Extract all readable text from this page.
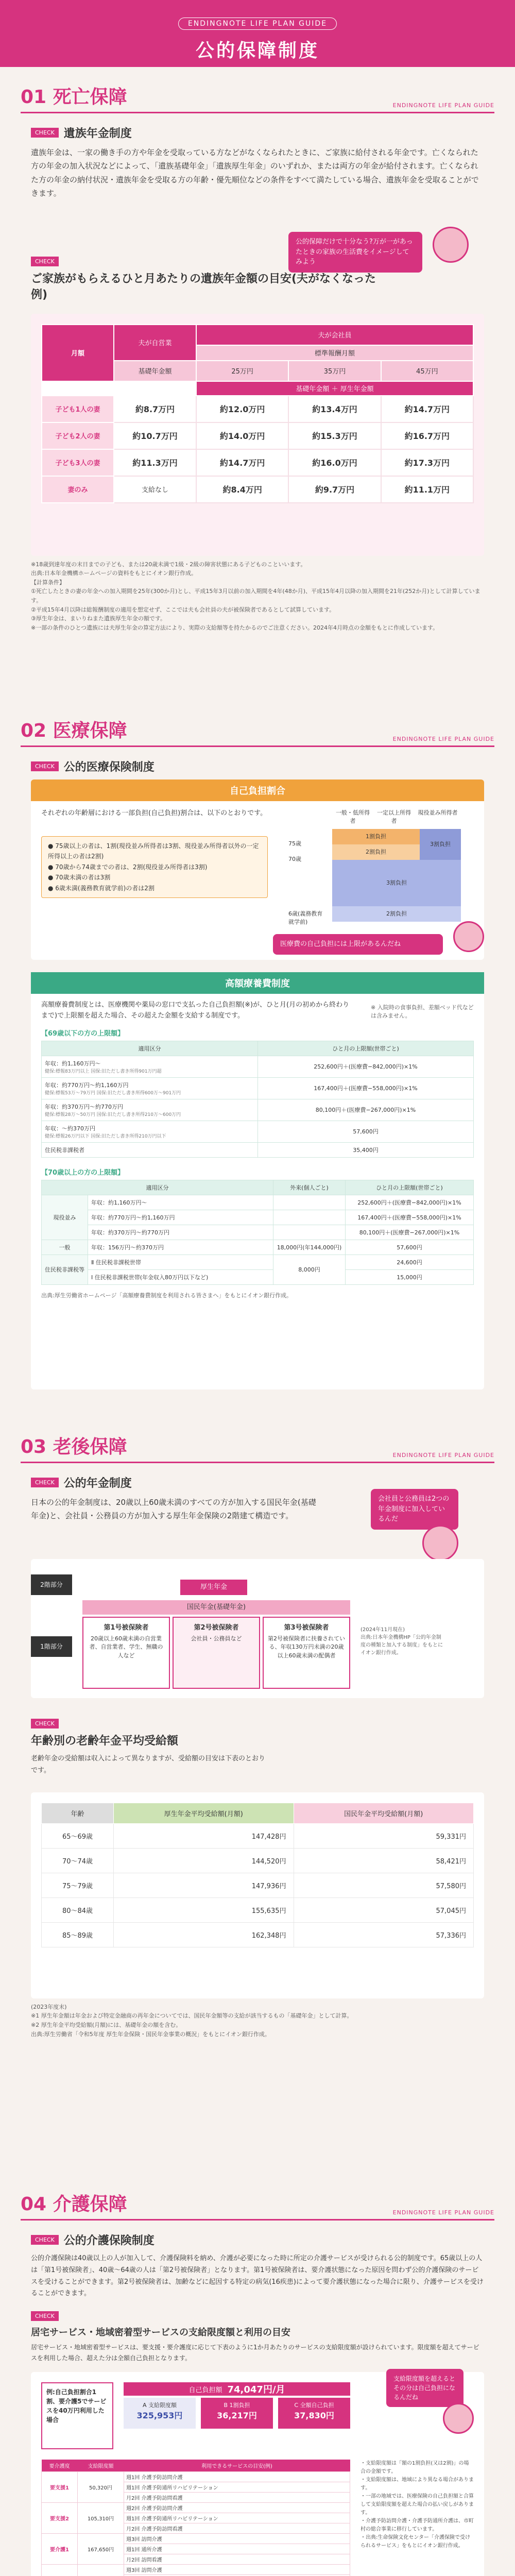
ENDINGNOTE LIFE PLAN GUIDE
公的保障制度
01 死亡保障	ENDINGNOTE LIFE PLAN GUIDE
CHECK 遺族年金制度

遺族年金は、一家の働き手の方や年金を受取っている方などがなくなられたときに、ご家族に給付される年金です。亡くなられた方の年金の加入状況などによって、「遺族基礎年金」「遺族厚生年金」のいずれか、または両方の年金が給付されます。亡くなられた方の年金の納付状況・遺族年金を受取る方の年齢・優先順位などの条件をすべて満たしている場合、遺族年金を受取ることができます。

公的保障だけで十分なう?万が一があったときの家族の生活費をイメージしてみよう
CHECK
ご家族がもらえるひと月あたりの遺族年金額の目安(夫がなくなった例)
月額	夫が自営業	夫が会社員		
		標準報酬月額		
	基礎年金額	25万円	35万円	45万円
		基礎年金額 ＋ 厚生年金額		
子ども1人の妻	約8.7万円	約12.0万円	約13.4万円	約14.7万円
子ども2人の妻	約10.7万円	約14.0万円	約15.3万円	約16.7万円
子ども3人の妻	約11.3万円	約14.7万円	約16.0万円	約17.3万円
妻のみ	支給なし	約8.4万円	約9.7万円	約11.1万円
※18歳到達年度の末日までの子ども、または20歳未満で1級・2級の障害状態にある子どものこといいます。
出典:日本年金機構ホームページの資料をもとにイオン銀行作成。
【計算条件】
①死亡したときの妻の年金への加入期間を25年(300か月)とし、平成15年3月以前の加入期間を4年(48か月)、平成15年4月以降の加入期間を21年(252か月)として計算しています。
②平成15年4月以降は総報酬制度の適用を想定せず、ここでは夫も会社員の夫が被保険者であるとして試算しています。
③厚生年金は、まいりねまた遺族厚生年金の額です。
※一部の条件のひとつ遺族には夫厚生年金の算定方法により、実際の支給額等を持たかるのでご注意ください。2024年4月時点の金額をもとに作成しています。
02 医療保障	ENDINGNOTE LIFE PLAN GUIDE
CHECK 公的医療保険制度
自己負担割合
それぞれの年齢層における一部負担(自己負担)割合は、以下のとおりです。
● 75歳以上の者は、1割(現役並み所得者は3割、現役並み所得者以外の一定所得以上の者は2割)
● 70歳から74歳までの者は、2割(現役並み所得者は3割)
● 70歳未満の者は3割
● 6歳未満(義務教育就学前)の者は2割
75歳
70歳
6歳(義務教育就学前)
一般・低所得者
一定以上所得者
現役並み所得者
1割負担
2割負担
3割負担
3割負担
2割負担
医療費の自己負担には上限があるんだね
高額療養費制度
高額療養費制度とは、医療機関や薬局の窓口で支払った自己負担額(※)が、ひと月(月の初めから終わりまで)で上限額を超えた場合、その超えた金額を支給する制度です。
※ 入院時の食事負担、差額ベッド代などは含みません。
【69歳以下の方の上限額】
適用区分	ひと月の上限額(世帯ごと)

年収：約1,160万円〜
健保:標報83万円以上 国保:旧ただし書き所得901万円超	252,600円＋(医療費−842,000円)×1%

年収：約770万円〜約1,160万円
健保:標報53万〜79万円 国保:旧ただし書き所得600万〜901万円	167,400円＋(医療費−558,000円)×1%

年収：約370万円〜約770万円
健保:標報28万〜50万円 国保:旧ただし書き所得210万〜600万円	80,100円＋(医療費−267,000円)×1%

年収：〜約370万円
健保:標報26万円以下 国保:旧ただし書き所得210万円以下	57,600円

住民税非課税者	35,400円
【70歳以上の方の上限額】
適用区分		外来(個人ごと)	ひと月の上限額(世帯ごと)
現役並み	年収：約1,160万円〜		252,600円＋(医療費−842,000円)×1%
	年収：約770万円〜約1,160万円		167,400円＋(医療費−558,000円)×1%
	年収：約370万円〜約770万円		80,100円＋(医療費−267,000円)×1%
一般	年収：156万円〜約370万円	18,000円(年144,000円)	57,600円
住民税非課税等	Ⅱ 住民税非課税世帯	8,000円	24,600円
	Ⅰ 住民税非課税世帯(年金収入80万円以下など)		15,000円
出典:厚生労働省ホームページ「高額療養費制度を利用される皆さまへ」をもとにイオン銀行作成。
03 老後保障	ENDINGNOTE LIFE PLAN GUIDE
CHECK 公的年金制度

日本の公的年金制度は、20歳以上60歳未満のすべての方が加入する国民年金(基礎年金)と、会社員・公務員の方が加入する厚生年金保険の2階建て構造です。

会社員と公務員は2つの年金制度に加入しているんだ
2階部分
1階部分
厚生年金
国民年金(基礎年金)
第1号被保険者
20歳以上60歳未満の自営業者、自営業者、学生、無職の人など
第2号被保険者
会社員・公務員など
第3号被保険者
第2号被保険者に扶養されている、年収130万円未満の20歳以上60歳未満の配偶者
(2024年11月現在)
出典:日本年金機構HP「公的年金制度の種類と加入する制度」をもとにイオン銀行作成。
CHECK
年齢別の老齢年金平均受給額

老齢年金の受給額は収入によって異なりますが、受給額の目安は下表のとおりです。

年齢	厚生年金平均受給額(月額)	国民年金平均受給額(月額)
65〜69歳	147,428円	59,331円
70〜74歳	144,520円	58,421円
75〜79歳	147,936円	57,580円
80〜84歳	155,635円	57,045円
85〜89歳	162,348円	57,336円
(2023年度末)
※1 厚生年金額は年金および特定金融商の再年金についてでは、国民年金額等の支給が該当するもの「基礎年金」として計算。
※2 厚生年金平均受給額(月額)には、基礎年金の額を含む。
出典:厚生労働省「令和5年度 厚生年金保険・国民年金事業の概況」をもとにイオン銀行作成。
04 介護保障	ENDINGNOTE LIFE PLAN GUIDE
CHECK 公的介護保険制度

公的介護保険は40歳以上の人が加入して、介護保険料を納め、介護が必要になった時に所定の介護サービスが受けられる公的制度です。65歳以上の人は「第1号被保険者」、40歳〜64歳の人は「第2号被保険者」となります。第1号被保険者は、要介護状態になった原因を問わず公的介護保険のサービスを受けることができます。第2号被保険者は、加齢などに起因する特定の病気(16疾患)によって要介護状態になった場合に限り、介護サービスを受けることができます。

CHECK
居宅サービス・地域密着型サービスの支給限度額と利用の目安

居宅サービス・地域密着型サービスは、要支援・要介護度に応じて下表のように1か月あたりのサービスの支給限度額が設けられています。限度額を超えてサービスを利用した場合、超えた分は全額自己負担となります。

支給限度額を超えるとその分は自己負担になるんだね
例:自己負担割合1割、要介護5でサービスを40万円利用した場合
自己負担額 74,047円/月
A 支給限度額
325,953円
B 1割負担
36,217円
C 全額自己負担
37,830円
要介護度	支給限度額	利用できるサービスの目安(例)
要支援1	50,320円	週1回 介護予防訪問介護
		週1回 介護予防通所リハビリテーション
		月2回 介護予防訪問看護
要支援2	105,310円	週2回 介護予防訪問介護
		週1回 介護予防通所リハビリテーション
		月2回 介護予防訪問看護
要介護1	167,650円	週3回 訪問介護
		週1回 通所介護
		月2回 訪問看護
		週3回 訪問介護

・支給限度額は「額の1割負担(又は2割)」の場合の金額です。
・支給限度額は、地域により異なる場合があります。
・一部の地域では、医療保険の自己負担額と合算して支給限度額を超えた場合の払い戻しがあります。
・介護予防訪問介護・介護予防通所介護は、市町村の総合事業に移行しています。
・出典:生命保険文化センター「介護保険で受けられるサービス」をもとにイオン銀行作成。
